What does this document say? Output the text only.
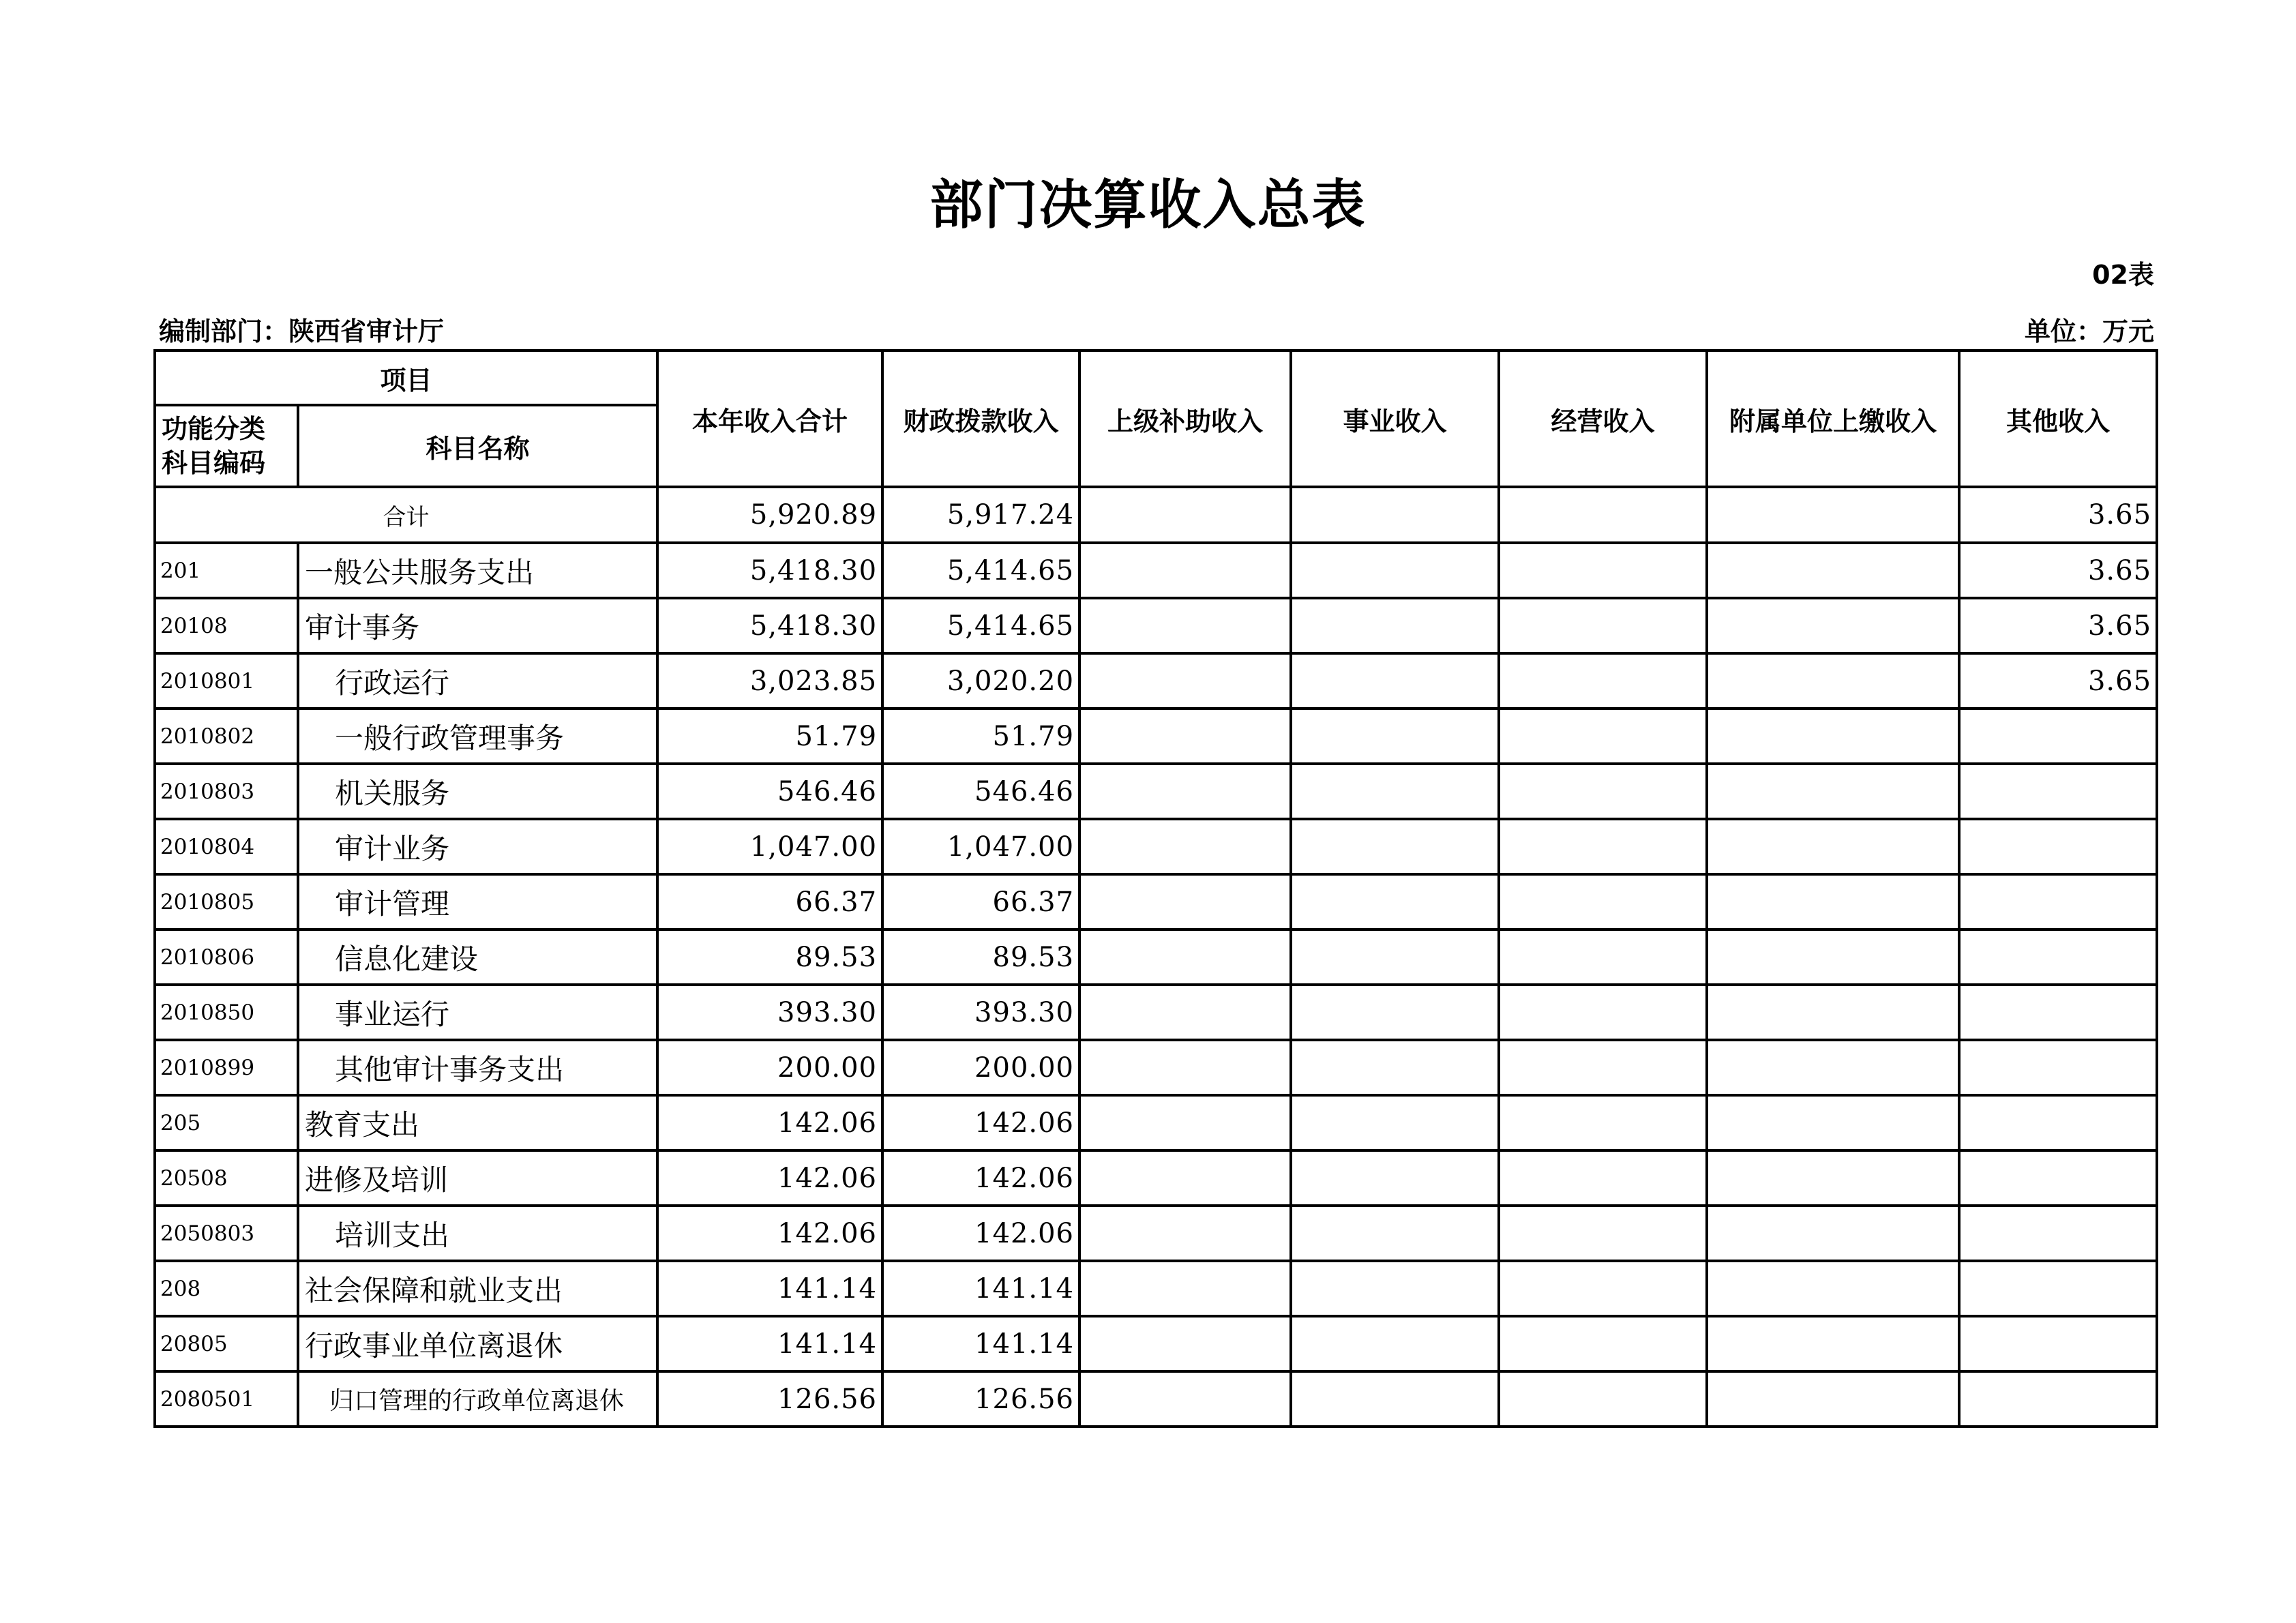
部门决算收入总表
02表
编制部门：陕西省审计厅	单位：万元
项目		本年收入合计	财政拨款收入	上级补助收入	事业收入	经营收入	附属单位上缴收入	其他收入

功能分类
科目编码	科目名称							
合计		5,920.89	5,917.24					3.65
201	一般公共服务支出	5,418.30	5,414.65					3.65
20108	审计事务	5,418.30	5,414.65					3.65
2010801	行政运行	3,023.85	3,020.20					3.65
2010802	一般行政管理事务	51.79	51.79					
2010803	机关服务	546.46	546.46					
2010804	审计业务	1,047.00	1,047.00					
2010805	审计管理	66.37	66.37					
2010806	信息化建设	89.53	89.53					
2010850	事业运行	393.30	393.30					
2010899	其他审计事务支出	200.00	200.00					
205	教育支出	142.06	142.06					
20508	进修及培训	142.06	142.06					
2050803	培训支出	142.06	142.06					
208	社会保障和就业支出	141.14	141.14					
20805	行政事业单位离退休	141.14	141.14					
2080501	归口管理的行政单位离退休	126.56	126.56					
